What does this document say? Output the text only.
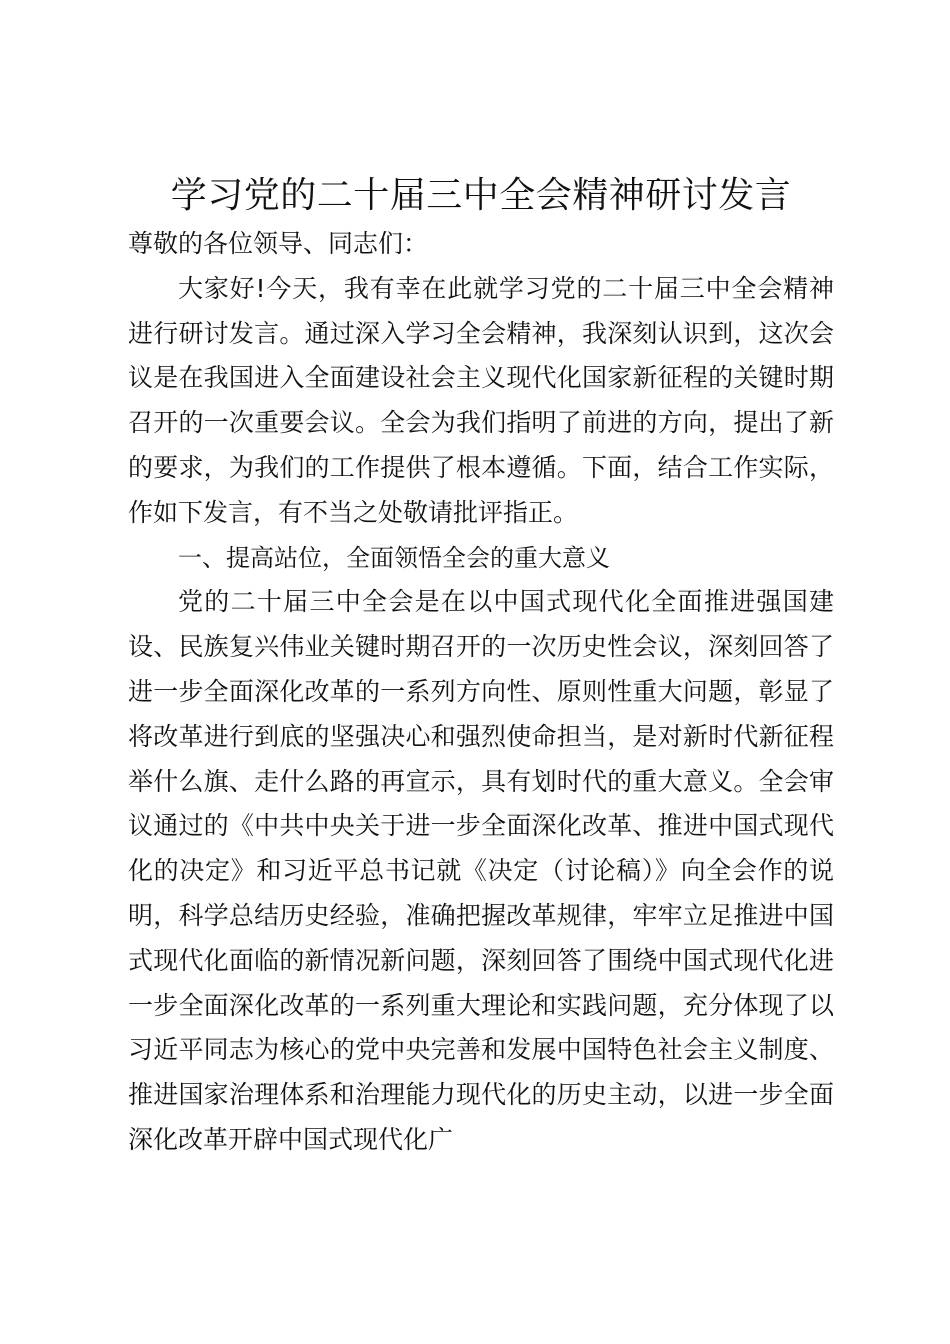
学习党的二十届三中全会精神研讨发言

尊敬的各位领导、同志们：

大家好!今天，我有幸在此就学习党的二十届三中全会精神进行研讨发言。通过深入学习全会精神，我深刻认识到，这次会议是在我国进入全面建设社会主义现代化国家新征程的关键时期召开的一次重要会议。全会为我们指明了前进的方向，提出了新的要求，为我们的工作提供了根本遵循。下面，结合工作实际，作如下发言，有不当之处敬请批评指正。

一、提高站位，全面领悟全会的重大意义

党的二十届三中全会是在以中国式现代化全面推进强国建设、民族复兴伟业关键时期召开的一次历史性会议，深刻回答了进一步全面深化改革的一系列方向性、原则性重大问题，彰显了将改革进行到底的坚强决心和强烈使命担当，是对新时代新征程举什么旗、走什么路的再宣示，具有划时代的重大意义。全会审议通过的《中共中央关于进一步全面深化改革、推进中国式现代化的决定》和习近平总书记就《决定（讨论稿）》向全会作的说明，科学总结历史经验，准确把握改革规律，牢牢立足推进中国式现代化面临的新情况新问题，深刻回答了围绕中国式现代化进一步全面深化改革的一系列重大理论和实践问题，充分体现了以习近平同志为核心的党中央完善和发展中国特色社会主义制度、推进国家治理体系和治理能力现代化的历史主动，以进一步全面深化改革开辟中国式现代化广
